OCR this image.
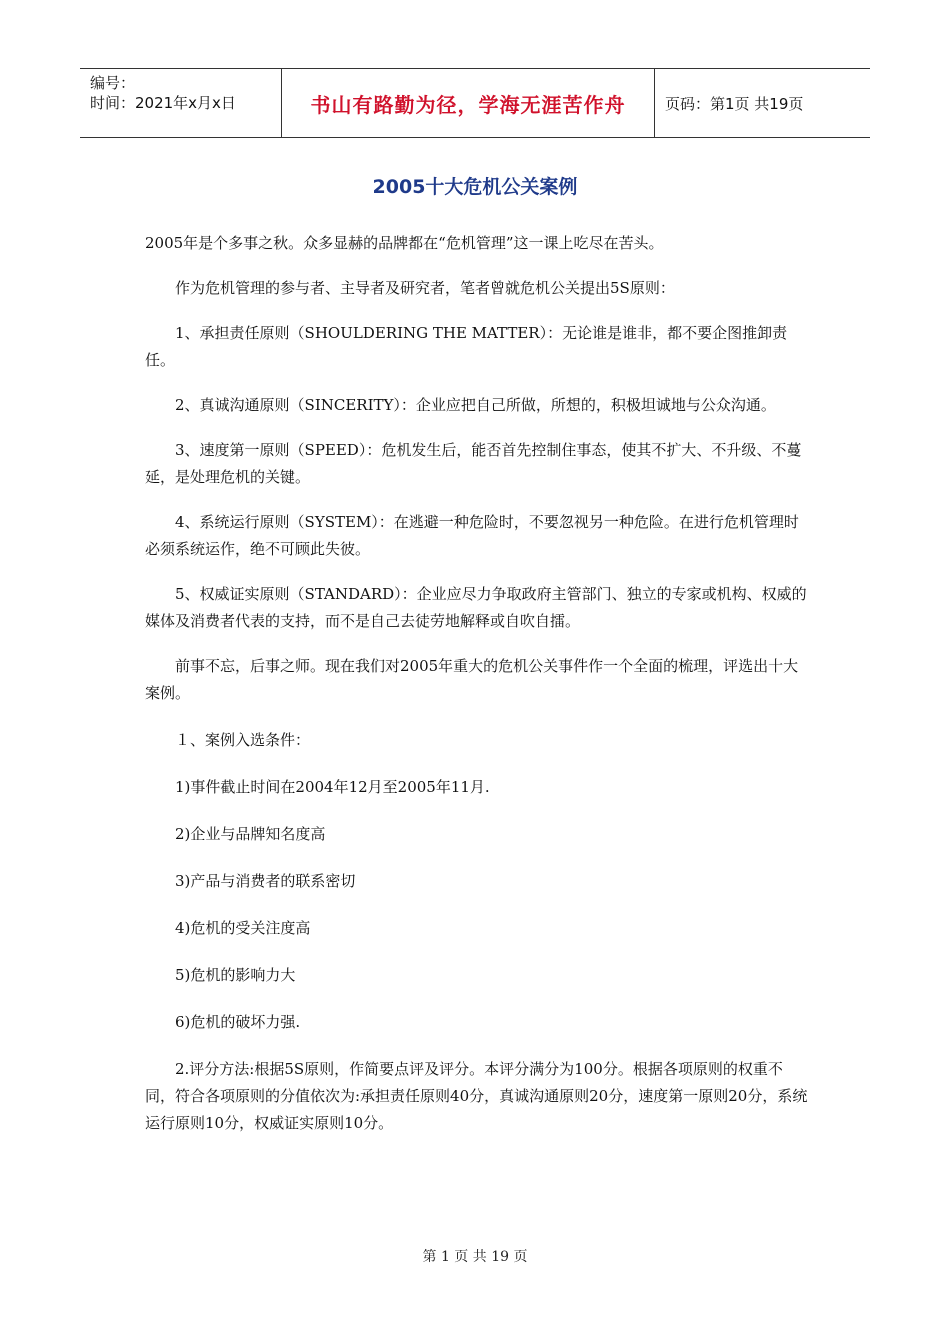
编号：
时间：2021年x月x日	书山有路勤为径，学海无涯苦作舟	页码：第1页 共19页
2005十大危机公关案例

2005年是个多事之秋。众多显赫的品牌都在“危机管理”这一课上吃尽在苦头。

作为危机管理的参与者、主导者及研究者，笔者曾就危机公关提出5S原则：

1、承担责任原则（SHOULDERING THE MATTER）：无论谁是谁非，都不要企图推卸责任。

2、真诚沟通原则（SINCERITY）：企业应把自己所做，所想的，积极坦诚地与公众沟通。

3、速度第一原则（SPEED）：危机发生后，能否首先控制住事态，使其不扩大、不升级、不蔓延，是处理危机的关键。

4、系统运行原则（SYSTEM）：在逃避一种危险时，不要忽视另一种危险。在进行危机管理时必须系统运作，绝不可顾此失彼。

5、权威证实原则（STANDARD）：企业应尽力争取政府主管部门、独立的专家或机构、权威的媒体及消费者代表的支持，而不是自己去徒劳地解释或自吹自擂。

前事不忘，后事之师。现在我们对2005年重大的危机公关事件作一个全面的梳理，评选出十大案例。

１、案例入选条件：

1)事件截止时间在2004年12月至2005年11月.

2)企业与品牌知名度高

3)产品与消费者的联系密切

4)危机的受关注度高

5)危机的影响力大

6)危机的破坏力强.

2.评分方法:根据5S原则，作简要点评及评分。本评分满分为100分。根据各项原则的权重不同，符合各项原则的分值依次为:承担责任原则40分，真诚沟通原则20分，速度第一原则20分，系统运行原则10分，权威证实原则10分。

第 1 页 共 19 页
